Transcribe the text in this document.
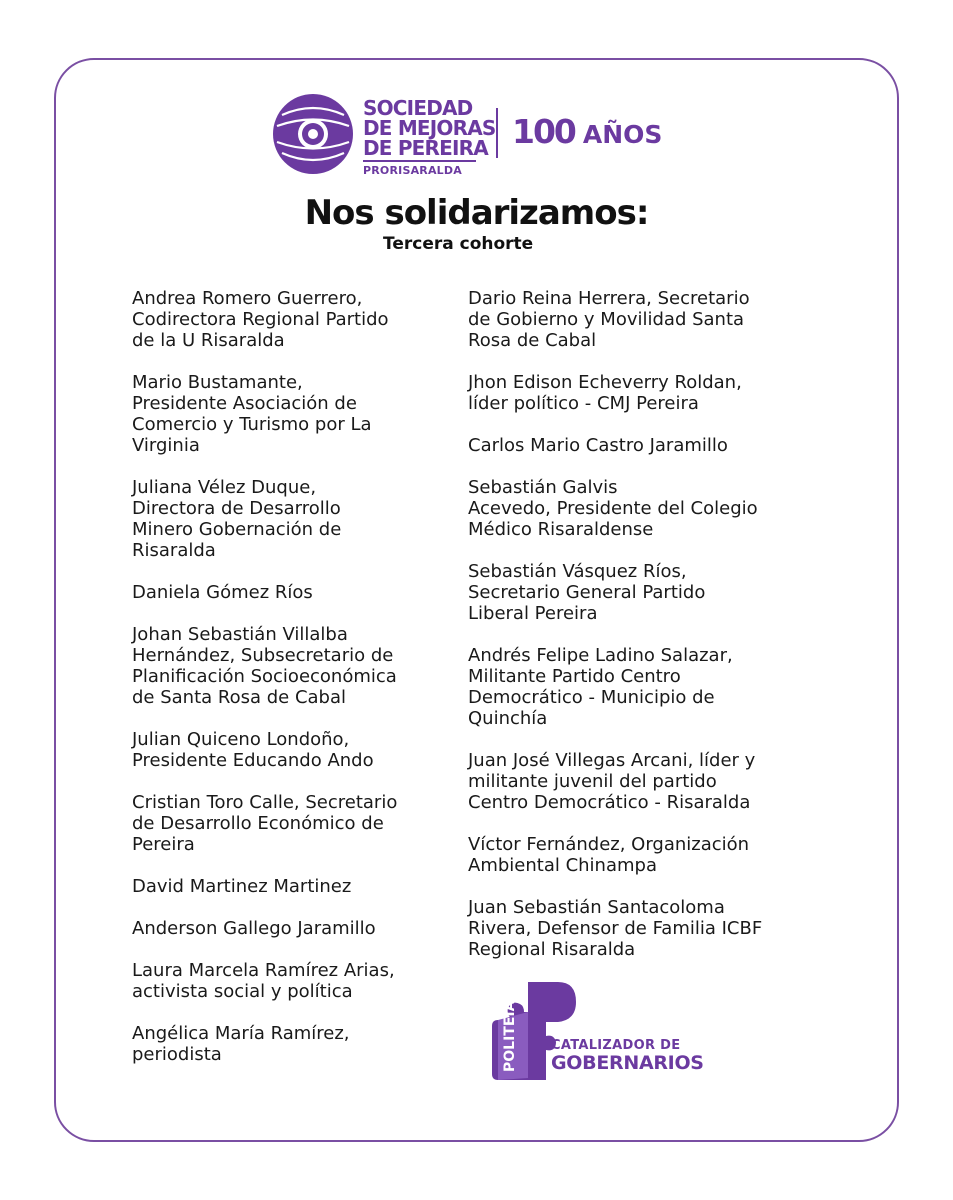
SOCIEDAD
DE MEJORAS
DE PEREIRA
PRORISARALDA
100 AÑOS
Nos solidarizamos:
Tercera cohorte

Andrea Romero Guerrero,
Codirectora Regional Partido
de la U Risaralda

Mario Bustamante,
Presidente Asociación de
Comercio y Turismo por La
Virginia

Juliana Vélez Duque,
Directora de Desarrollo
Minero Gobernación de
Risaralda

Daniela Gómez Ríos

Johan Sebastián Villalba
Hernández, Subsecretario de
Planificación Socioeconómica
de Santa Rosa de Cabal

Julian Quiceno Londoño,
Presidente Educando Ando

Cristian Toro Calle, Secretario
de Desarrollo Económico de
Pereira

David Martinez Martinez

Anderson Gallego Jaramillo

Laura Marcela Ramírez Arias,
activista social y política

Angélica María Ramírez,
periodista

Dario Reina Herrera, Secretario
de Gobierno y Movilidad Santa
Rosa de Cabal

Jhon Edison Echeverry Roldan,
líder político - CMJ Pereira

Carlos Mario Castro Jaramillo

Sebastián Galvis
Acevedo, Presidente del Colegio
Médico Risaraldense

Sebastián Vásquez Ríos,
Secretario General Partido
Liberal Pereira

Andrés Felipe Ladino Salazar,
Militante Partido Centro
Democrático - Municipio de
Quinchía

Juan José Villegas Arcani, líder y
militante juvenil del partido
Centro Democrático - Risaralda

Víctor Fernández, Organización
Ambiental Chinampa

Juan Sebastián Santacoloma
Rivera, Defensor de Familia ICBF
Regional Risaralda

POLITEIA	CATALIZADOR DE
GOBERNARIOS
